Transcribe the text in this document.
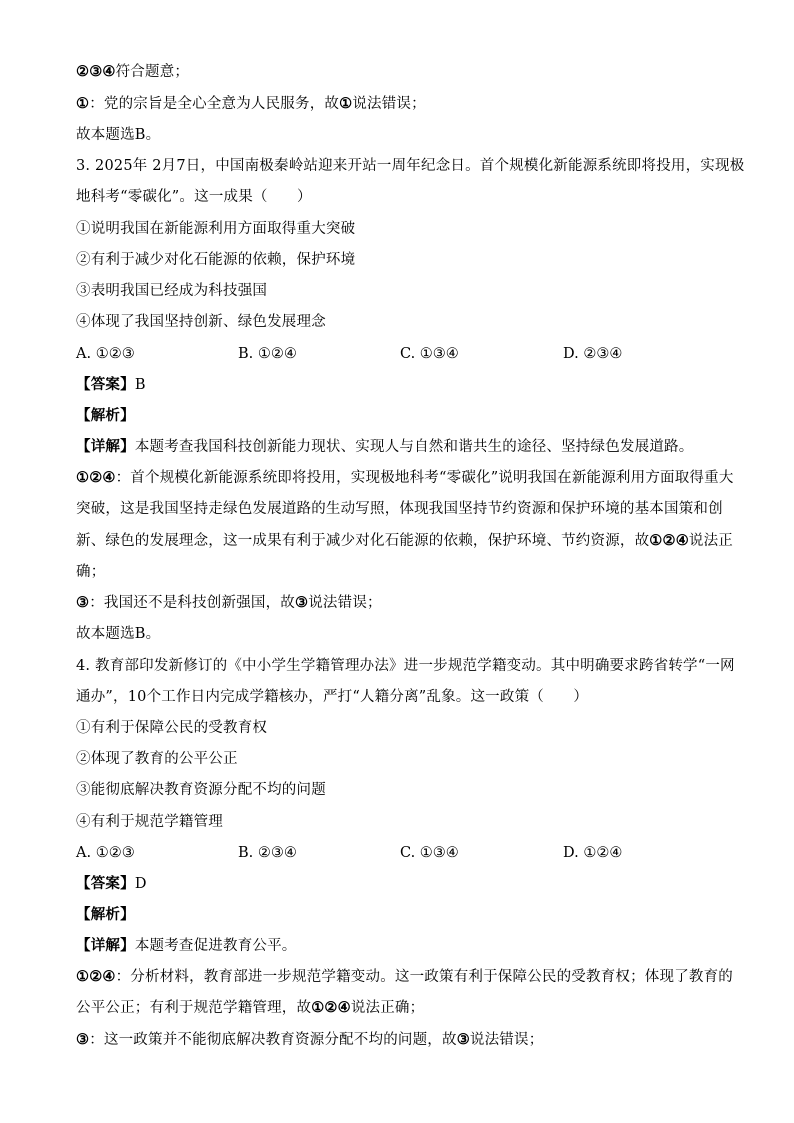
②③④符合题意；
①：党的宗旨是全心全意为人民服务，故①说法错误；
故本题选B。
3. 2025年 2月7日，中国南极秦岭站迎来开站一周年纪念日。首个规模化新能源系统即将投用，实现极
地科考“零碳化”。这一成果（　　）
①说明我国在新能源利用方面取得重大突破
②有利于减少对化石能源的依赖，保护环境
③表明我国已经成为科技强国
④体现了我国坚持创新、绿色发展理念
A. ①②③	B. ①②④	C. ①③④	D. ②③④
【答案】B
【解析】
【详解】本题考查我国科技创新能力现状、实现人与自然和谐共生的途径、坚持绿色发展道路。
①②④：首个规模化新能源系统即将投用，实现极地科考“零碳化”说明我国在新能源利用方面取得重大
突破，这是我国坚持走绿色发展道路的生动写照，体现我国坚持节约资源和保护环境的基本国策和创
新、绿色的发展理念，这一成果有利于减少对化石能源的依赖，保护环境、节约资源，故①②④说法正
确；
③：我国还不是科技创新强国，故③说法错误；
故本题选B。
4. 教育部印发新修订的《中小学生学籍管理办法》进一步规范学籍变动。其中明确要求跨省转学“一网
通办”，10个工作日内完成学籍核办，严打“人籍分离”乱象。这一政策（　　）
①有利于保障公民的受教育权
②体现了教育的公平公正
③能彻底解决教育资源分配不均的问题
④有利于规范学籍管理
A. ①②③	B. ②③④	C. ①③④	D. ①②④
【答案】D
【解析】
【详解】本题考查促进教育公平。
①②④：分析材料，教育部进一步规范学籍变动。这一政策有利于保障公民的受教育权；体现了教育的
公平公正；有利于规范学籍管理，故①②④说法正确；
③：这一政策并不能彻底解决教育资源分配不均的问题，故③说法错误；
